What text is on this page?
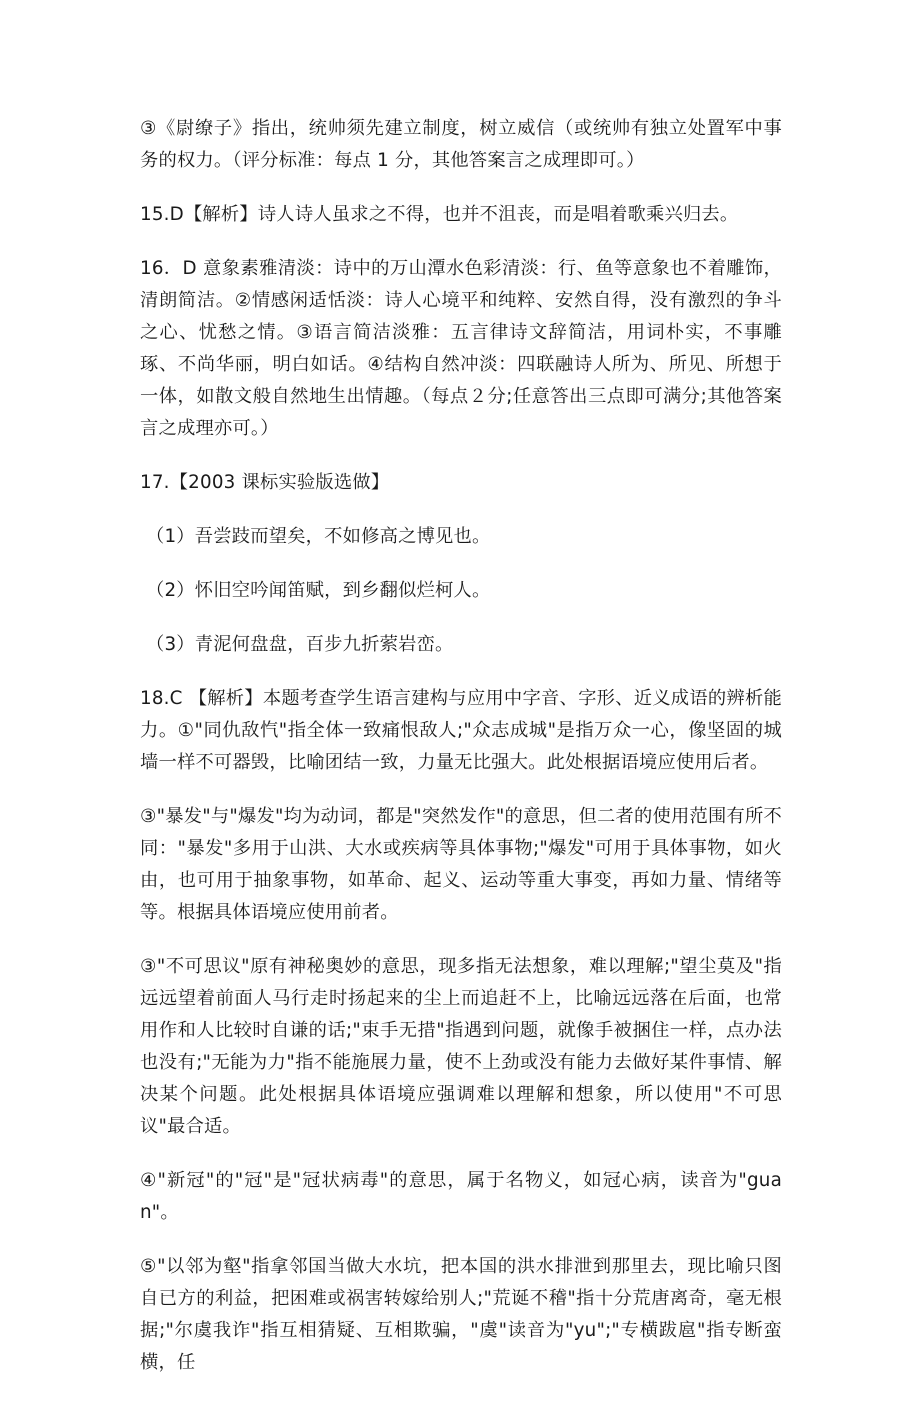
③《尉缭子》指出，统帅须先建立制度，树立威信（或统帅有独立处置军中事务的权力。（评分标准：每点 1 分，其他答案言之成理即可。）

15.D【解析】诗人诗人虽求之不得，也并不沮丧，而是唱着歌乘兴归去。

16．D 意象素雅清淡：诗中的万山潭水色彩清淡：行、鱼等意象也不着雕饰，清朗简洁。②情感闲适恬淡：诗人心境平和纯粹、安然自得，没有激烈的争斗之心、忧愁之情。③语言简洁淡雅：五言律诗文辞简洁，用词朴实，不事雕琢、不尚华丽，明白如话。④结构自然冲淡：四联融诗人所为、所见、所想于一体，如散文般自然地生出情趣。（每点２分;任意答出三点即可满分;其他答案言之成理亦可。）

17.【2003 课标实验版选做】

（1）吾尝跂而望矣，不如修高之博见也。

（2）怀旧空吟闻笛赋，到乡翻似烂柯人。

（3）青泥何盘盘，百步九折萦岩峦。

18.C 【解析】本题考查学生语言建构与应用中字音、字形、近义成语的辨析能力。①"同仇敌忾"指全体一致痛恨敌人;"众志成城"是指万众一心，像坚固的城墙一样不可器毁，比喻团结一致，力量无比强大。此处根据语境应使用后者。

③"暴发"与"爆发"均为动词，都是"突然发作"的意思，但二者的使用范围有所不同："暴发"多用于山洪、大水或疾病等具体事物;"爆发"可用于具体事物，如火由，也可用于抽象事物，如革命、起义、运动等重大事变，再如力量、情绪等等。根据具体语境应使用前者。

③"不可思议"原有神秘奥妙的意思，现多指无法想象，难以理解;"望尘莫及"指远远望着前面人马行走时扬起来的尘上而追赶不上，比喻远远落在后面，也常用作和人比较时自谦的话;"束手无措"指遇到问题，就像手被捆住一样，点办法也没有;"无能为力"指不能施展力量，使不上劲或没有能力去做好某件事情、解决某个问题。此处根据具体语境应强调难以理解和想象，所以使用"不可思议"最合适。

④"新冠"的"冠"是"冠状病毒"的意思，属于名物义，如冠心病，读音为"guan"。

⑤"以邻为壑"指拿邻国当做大水坑，把本国的洪水排泄到那里去，现比喻只图自已方的利益，把困难或祸害转嫁给别人;"荒诞不稽"指十分荒唐离奇，毫无根据;"尔虞我诈"指互相猜疑、互相欺骗，"虞"读音为"yu";"专横跋扈"指专断蛮横，任
